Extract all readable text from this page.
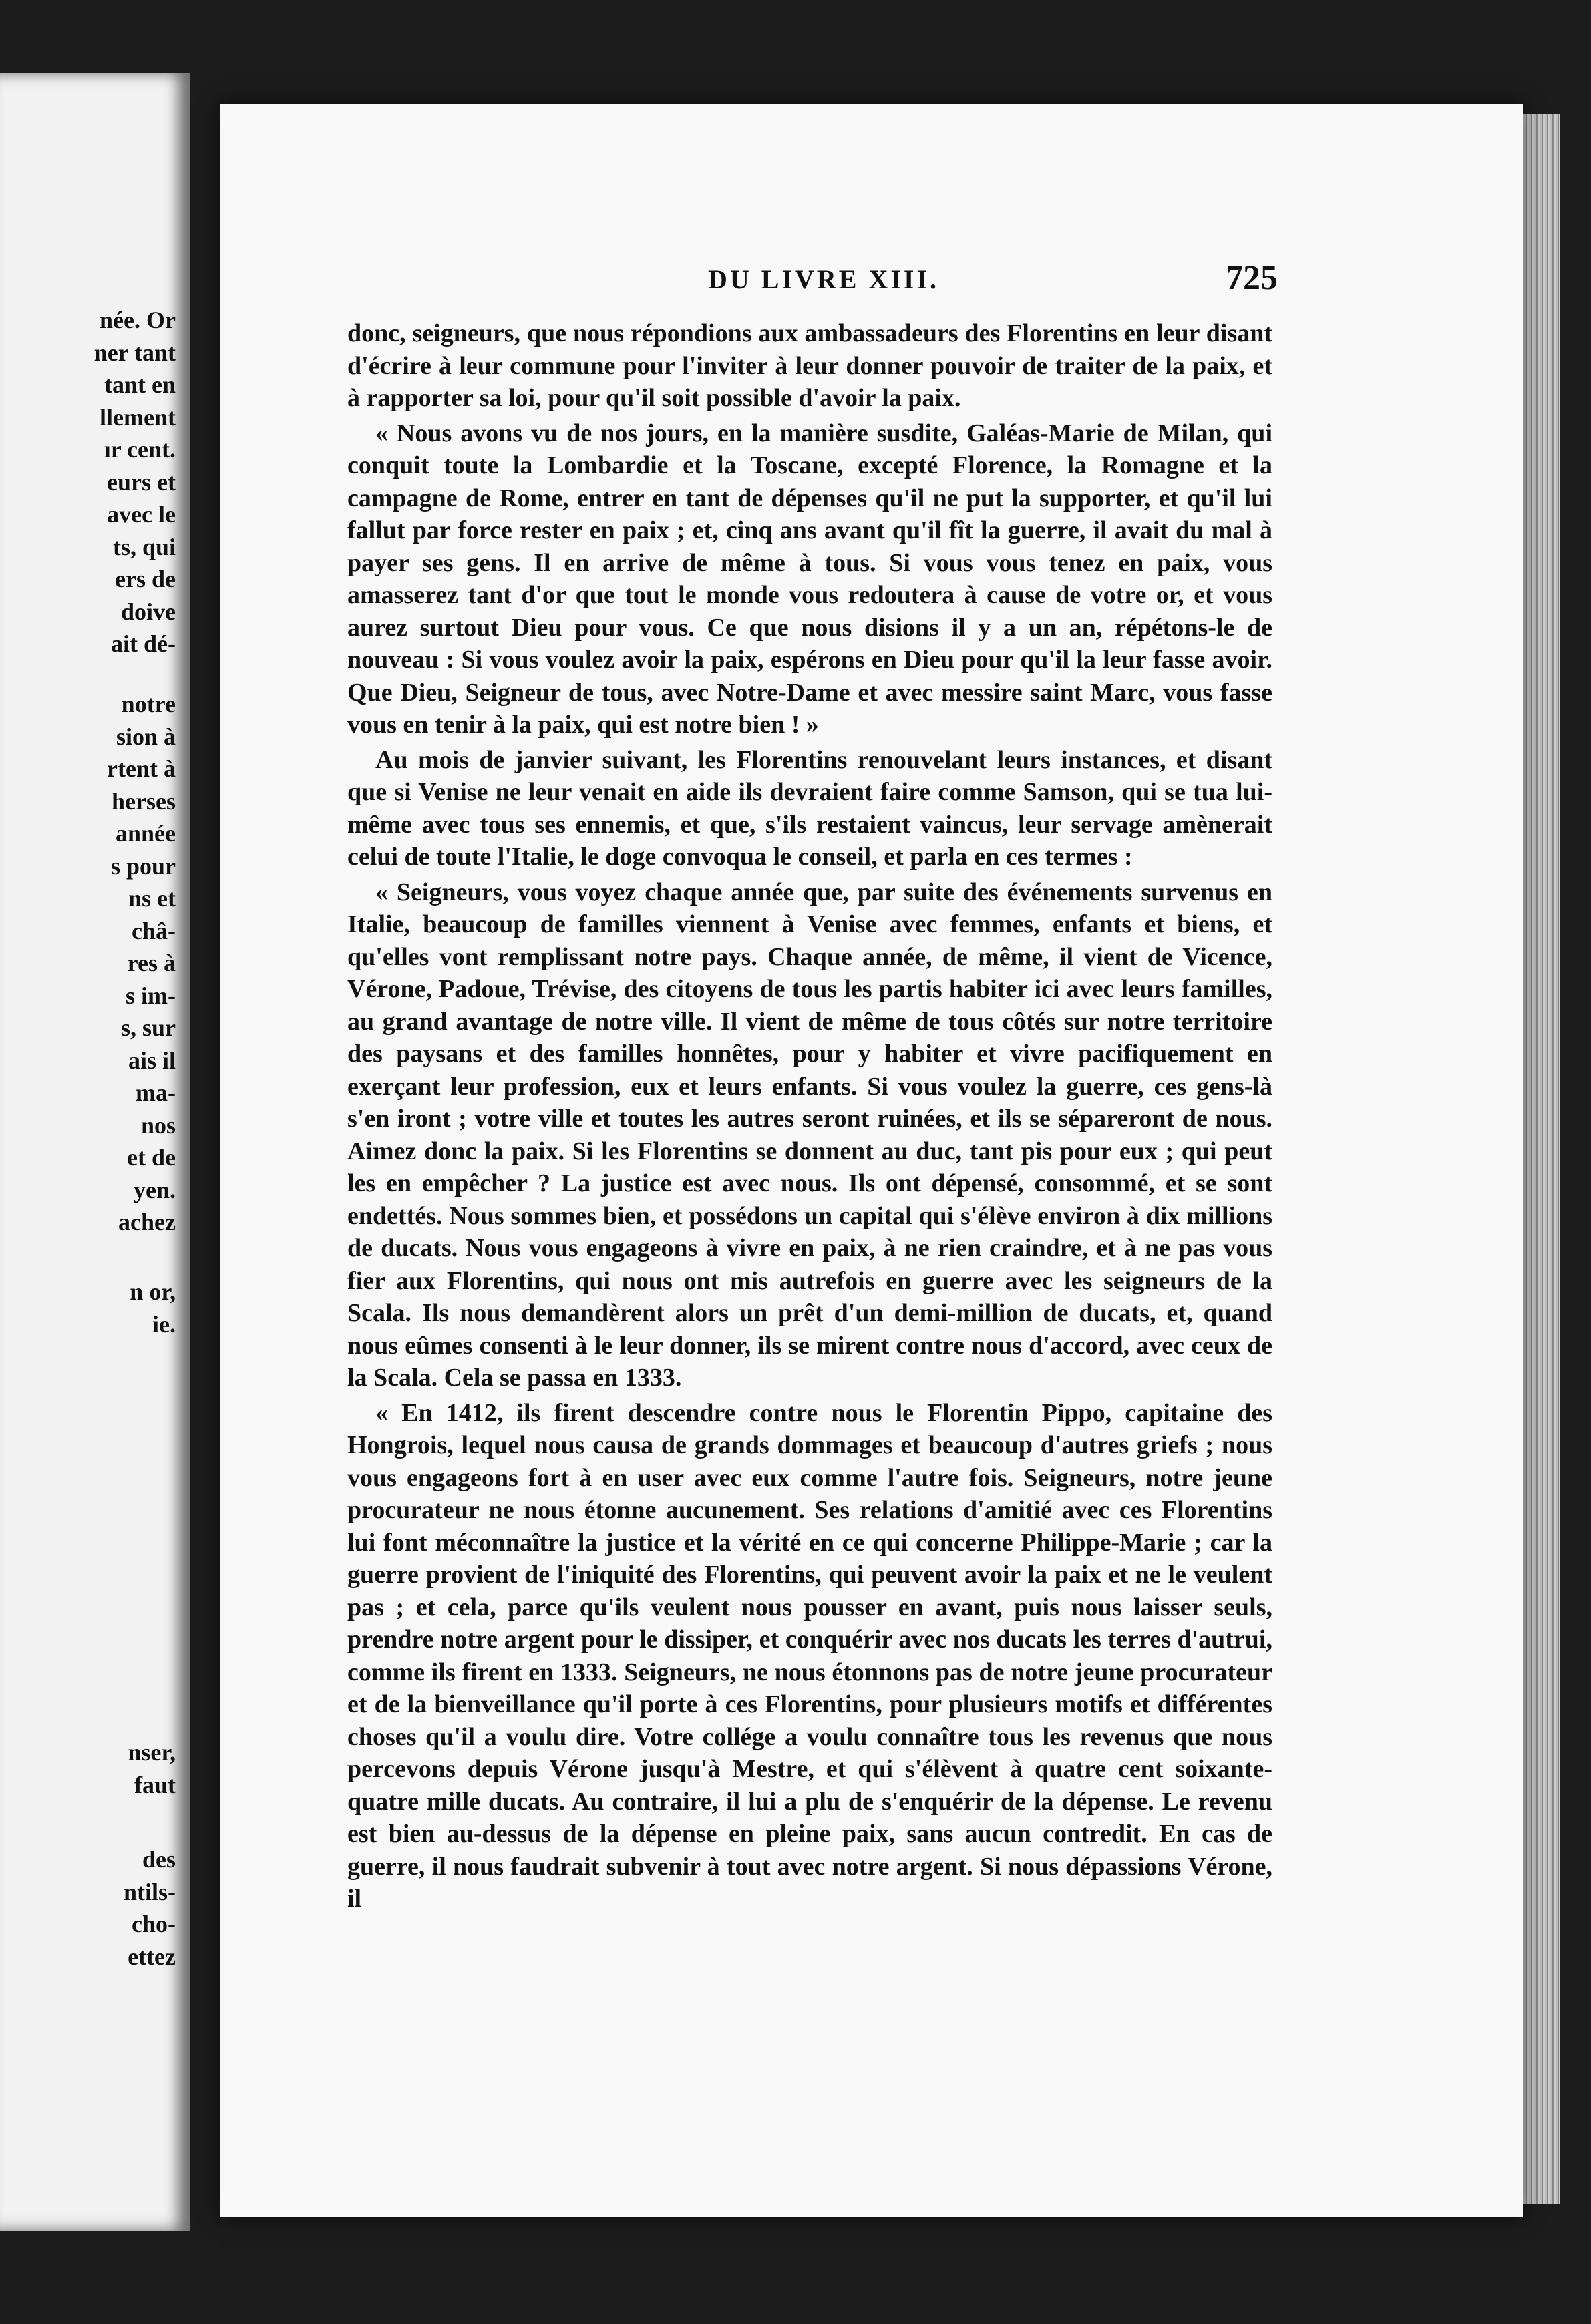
née. Or
ner tant
tant en
llement
ır cent.
eurs et
avec le
ts, qui
ers de
doive
ait dé-
notre
sion à
rtent à
herses
année
s pour
ns et
châ-
res à
s im-
s, sur
ais il
ma-
nos
et de
yen.
achez
n or,
ie.
nser,
faut
des
ntils-
cho-
ettez
DU LIVRE XIII.	725

donc, seigneurs, que nous répondions aux ambassadeurs des Florentins en leur disant d'écrire à leur commune pour l'inviter à leur donner pouvoir de traiter de la paix, et à rapporter sa loi, pour qu'il soit possible d'avoir la paix.

« Nous avons vu de nos jours, en la manière susdite, Galéas-Marie de Milan, qui conquit toute la Lombardie et la Toscane, excepté Florence, la Romagne et la campagne de Rome, entrer en tant de dépenses qu'il ne put la supporter, et qu'il lui fallut par force rester en paix ; et, cinq ans avant qu'il fît la guerre, il avait du mal à payer ses gens. Il en arrive de même à tous. Si vous vous tenez en paix, vous amasserez tant d'or que tout le monde vous redoutera à cause de votre or, et vous aurez surtout Dieu pour vous. Ce que nous disions il y a un an, répétons-le de nouveau : Si vous voulez avoir la paix, espérons en Dieu pour qu'il la leur fasse avoir. Que Dieu, Seigneur de tous, avec Notre-Dame et avec messire saint Marc, vous fasse vous en tenir à la paix, qui est notre bien ! »

Au mois de janvier suivant, les Florentins renouvelant leurs instances, et disant que si Venise ne leur venait en aide ils devraient faire comme Samson, qui se tua lui-même avec tous ses ennemis, et que, s'ils restaient vaincus, leur servage amènerait celui de toute l'Italie, le doge convoqua le conseil, et parla en ces termes :

« Seigneurs, vous voyez chaque année que, par suite des événements survenus en Italie, beaucoup de familles viennent à Venise avec femmes, enfants et biens, et qu'elles vont remplissant notre pays. Chaque année, de même, il vient de Vicence, Vérone, Padoue, Trévise, des citoyens de tous les partis habiter ici avec leurs familles, au grand avantage de notre ville. Il vient de même de tous côtés sur notre territoire des paysans et des familles honnêtes, pour y habiter et vivre pacifiquement en exerçant leur profession, eux et leurs enfants. Si vous voulez la guerre, ces gens-là s'en iront ; votre ville et toutes les autres seront ruinées, et ils se sépareront de nous. Aimez donc la paix. Si les Florentins se donnent au duc, tant pis pour eux ; qui peut les en empêcher ? La justice est avec nous. Ils ont dépensé, consommé, et se sont endettés. Nous sommes bien, et possédons un capital qui s'élève environ à dix millions de ducats. Nous vous engageons à vivre en paix, à ne rien craindre, et à ne pas vous fier aux Florentins, qui nous ont mis autrefois en guerre avec les seigneurs de la Scala. Ils nous demandèrent alors un prêt d'un demi-million de ducats, et, quand nous eûmes consenti à le leur donner, ils se mirent contre nous d'accord, avec ceux de la Scala. Cela se passa en 1333.

« En 1412, ils firent descendre contre nous le Florentin Pippo, capitaine des Hongrois, lequel nous causa de grands dommages et beaucoup d'autres griefs ; nous vous engageons fort à en user avec eux comme l'autre fois. Seigneurs, notre jeune procurateur ne nous étonne aucunement. Ses relations d'amitié avec ces Florentins lui font méconnaître la justice et la vérité en ce qui concerne Philippe-Marie ; car la guerre provient de l'iniquité des Florentins, qui peuvent avoir la paix et ne le veulent pas ; et cela, parce qu'ils veulent nous pousser en avant, puis nous laisser seuls, prendre notre argent pour le dissiper, et conquérir avec nos ducats les terres d'autrui, comme ils firent en 1333. Seigneurs, ne nous étonnons pas de notre jeune procurateur et de la bienveillance qu'il porte à ces Florentins, pour plusieurs motifs et différentes choses qu'il a voulu dire. Votre collége a voulu connaître tous les revenus que nous percevons depuis Vérone jusqu'à Mestre, et qui s'élèvent à quatre cent soixante-quatre mille ducats. Au contraire, il lui a plu de s'enquérir de la dépense. Le revenu est bien au-dessus de la dépense en pleine paix, sans aucun contredit. En cas de guerre, il nous faudrait subvenir à tout avec notre argent. Si nous dépassions Vérone, il
